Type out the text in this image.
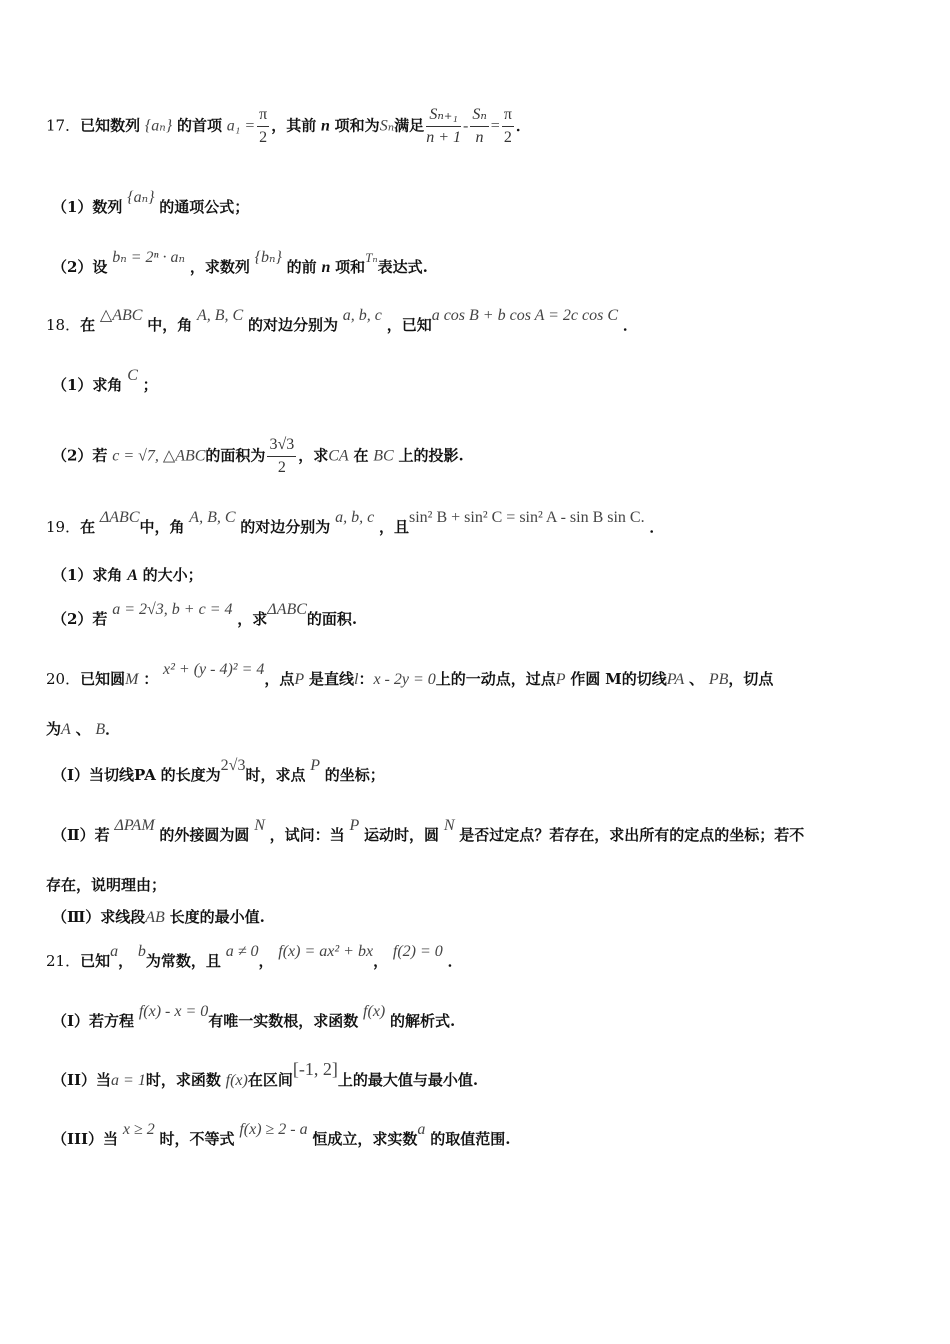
17．已知数列 {aₙ} 的首项 $a_1 = \frac{\pi}{2}$ ，其前 n 项和为Sₙ满足 $\frac{\text{Sₙ₊₁}}{n + 1} - \frac{\text{Sₙ}}{n} = \frac{\pi}{2}$ ．
（1）数列 {aₙ} 的通项公式；
（2）设 bₙ = 2ⁿ · aₙ ，求数列 {bₙ} 的前 n 项和Tₙ表达式.
18．在 △ABC 中，角 A, B, C 的对边分别为 a, b, c ，已知a cos B + b cos A = 2c cos C ．
（1）求角 C ；
（2）若 c = √7, △ABC的面积为 $\frac{3√3}{2}$ ，求CA 在 BC 上的投影.
19．在 ΔABC中，角 A, B, C 的对边分别为 a, b, c ，且sin² B + sin² C = sin² A - sin B sin C. ．
（1）求角 A 的大小；
（2）若 a = 2√3, b + c = 4 ，求ΔABC的面积.
20．已知圆M ： x² + (y - 4)² = 4，点P 是直线l：x - 2y = 0上的一动点，过点P 作圆 M的切线PA 、 PB，切点
为A 、 B．
（Ⅰ）当切线PA 的长度为2√3时，求点 P 的坐标；
（Ⅱ）若 ΔPAM 的外接圆为圆 N ，试问：当 P 运动时，圆 N 是否过定点？若存在，求出所有的定点的坐标；若不
存在，说明理由；
（Ⅲ）求线段AB 长度的最小值.
21．已知a， b为常数，且 a ≠ 0， f(x) = ax² + bx， f(2) = 0 ．
（I）若方程 f(x) - x = 0有唯一实数根，求函数 f(x) 的解析式.
（II）当a = 1时，求函数 f(x)在区间[-1, 2]上的最大值与最小值.
（III）当 x ≥ 2 时，不等式 f(x) ≥ 2 - a 恒成立，求实数a 的取值范围.
